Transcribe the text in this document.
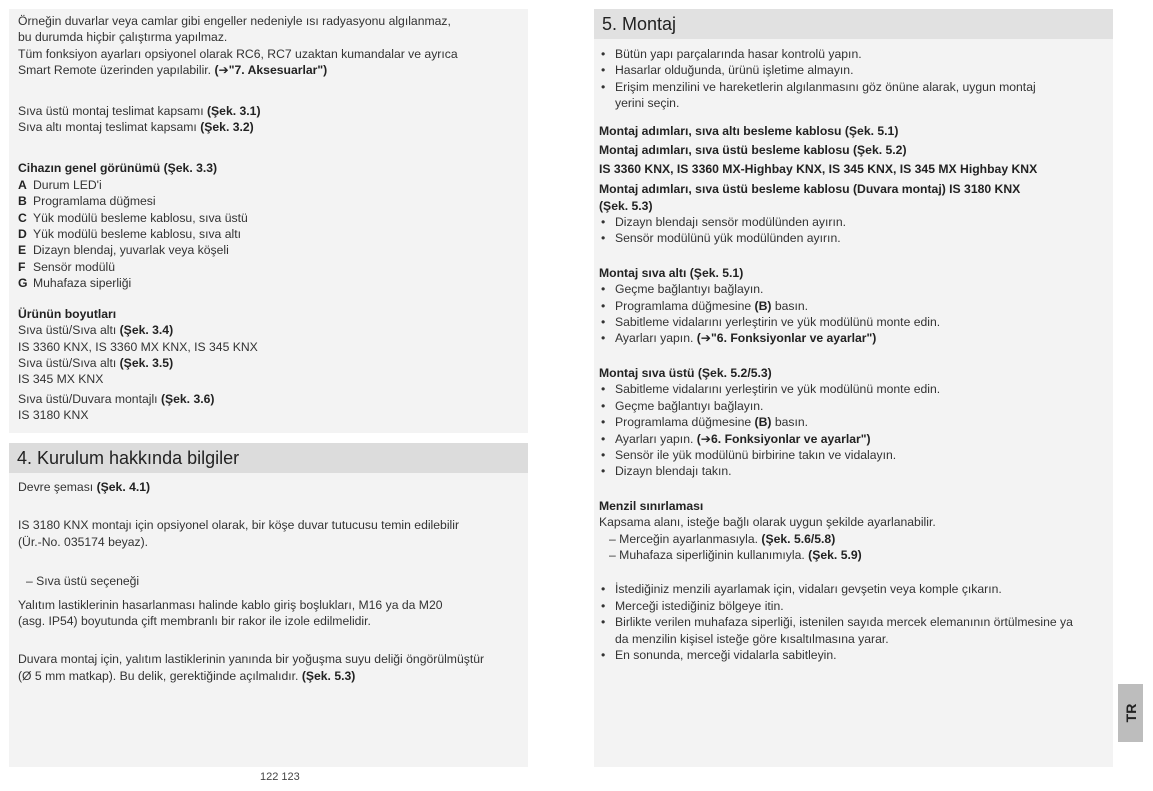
Örneğin duvarlar veya camlar gibi engeller nedeniyle ısı radyasyonu algılanmaz,
bu durumda hiçbir çalıştırma yapılmaz.
Tüm fonksiyon ayarları opsiyonel olarak RC6, RC7 uzaktan kumandalar ve ayrıca
Smart Remote üzerinden yapılabilir. (➔"7. Aksesuarlar")
Sıva üstü montaj teslimat kapsamı (Şek. 3.1)
Sıva altı montaj teslimat kapsamı (Şek. 3.2)
Cihazın genel görünümü (Şek. 3.3)
A Durum LED'i
B Programlama düğmesi
C Yük modülü besleme kablosu, sıva üstü
D Yük modülü besleme kablosu, sıva altı
E Dizayn blendaj, yuvarlak veya köşeli
F Sensör modülü
G Muhafaza siperliği
Ürünün boyutları
Sıva üstü/Sıva altı (Şek. 3.4)
IS 3360 KNX, IS 3360 MX KNX, IS 345 KNX
Sıva üstü/Sıva altı (Şek. 3.5)
IS 345 MX KNX
Sıva üstü/Duvara montajlı (Şek. 3.6)
IS 3180 KNX
4. Kurulum hakkında bilgiler
Devre şeması (Şek. 4.1)
IS 3180 KNX montajı için opsiyonel olarak, bir köşe duvar tutucusu temin edilebilir
(Ür.-No. 035174 beyaz).
– Sıva üstü seçeneği
Yalıtım lastiklerinin hasarlanması halinde kablo giriş boşlukları, M16 ya da M20
(asg. IP54) boyutunda çift membranlı bir rakor ile izole edilmelidir.
Duvara montaj için, yalıtım lastiklerinin yanında bir yoğuşma suyu deliği öngörülmüştür
(Ø 5 mm matkap). Bu delik, gerektiğinde açılmalıdır. (Şek. 5.3)
5. Montaj
• Bütün yapı parçalarında hasar kontrolü yapın.
• Hasarlar olduğunda, ürünü işletime almayın.
• Erişim menzilini ve hareketlerin algılanmasını göz önüne alarak, uygun montaj
yerini seçin.
Montaj adımları, sıva altı besleme kablosu (Şek. 5.1)
Montaj adımları, sıva üstü besleme kablosu (Şek. 5.2)
IS 3360 KNX, IS 3360 MX-Highbay KNX, IS 345 KNX, IS 345 MX Highbay KNX
Montaj adımları, sıva üstü besleme kablosu (Duvara montaj) IS 3180 KNX
(Şek. 5.3)
• Dizayn blendajı sensör modülünden ayırın.
• Sensör modülünü yük modülünden ayırın.
Montaj sıva altı (Şek. 5.1)
• Geçme bağlantıyı bağlayın.
• Programlama düğmesine (B) basın.
• Sabitleme vidalarını yerleştirin ve yük modülünü monte edin.
• Ayarları yapın. (➔"6. Fonksiyonlar ve ayarlar")
Montaj sıva üstü (Şek. 5.2/5.3)
• Sabitleme vidalarını yerleştirin ve yük modülünü monte edin.
• Geçme bağlantıyı bağlayın.
• Programlama düğmesine (B) basın.
• Ayarları yapın. (➔6. Fonksiyonlar ve ayarlar")
• Sensör ile yük modülünü birbirine takın ve vidalayın.
• Dizayn blendajı takın.
Menzil sınırlaması
Kapsama alanı, isteğe bağlı olarak uygun şekilde ayarlanabilir.
– Merceğin ayarlanmasıyla. (Şek. 5.6/5.8)
– Muhafaza siperliğinin kullanımıyla. (Şek. 5.9)
• İstediğiniz menzili ayarlamak için, vidaları gevşetin veya komple çıkarın.
• Merceği istediğiniz bölgeye itin.
• Birlikte verilen muhafaza siperliği, istenilen sayıda mercek elemanının örtülmesine ya
da menzilin kişisel isteğe göre kısaltılmasına yarar.
• En sonunda, merceği vidalarla sabitleyin.
122 123
TR
